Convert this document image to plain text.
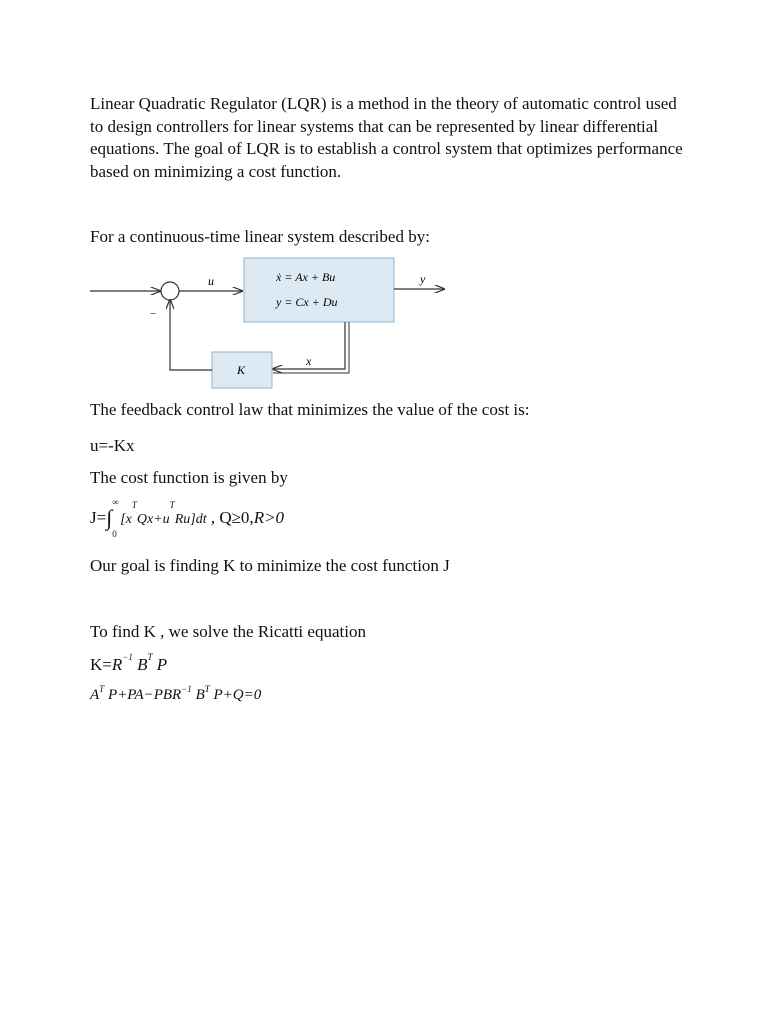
Linear Quadratic Regulator (LQR) is a method in the theory of automatic control used to design controllers for linear systems that can be represented by linear differential equations. The goal of LQR is to establish a control system that optimizes performance based on minimizing a cost function.

For a continuous-time linear system described by:
−
u	ẋ = Ax + Bu
y = Cx + Du
y
x
K
The feedback control law that minimizes the value of the cost is:
u=-Kx
The cost function is given by
J=
∞
∫
0
$[x^TQx+u^TRu]dt$ , Q≥0,R>0
Our goal is finding K to minimize the cost function J
To find K , we solve the Ricatti equation
$K=R^{-1}$ $B^T$ P
$A^T$ $P+PA-PBR^{-1}$ $B^T$ P+Q=0
